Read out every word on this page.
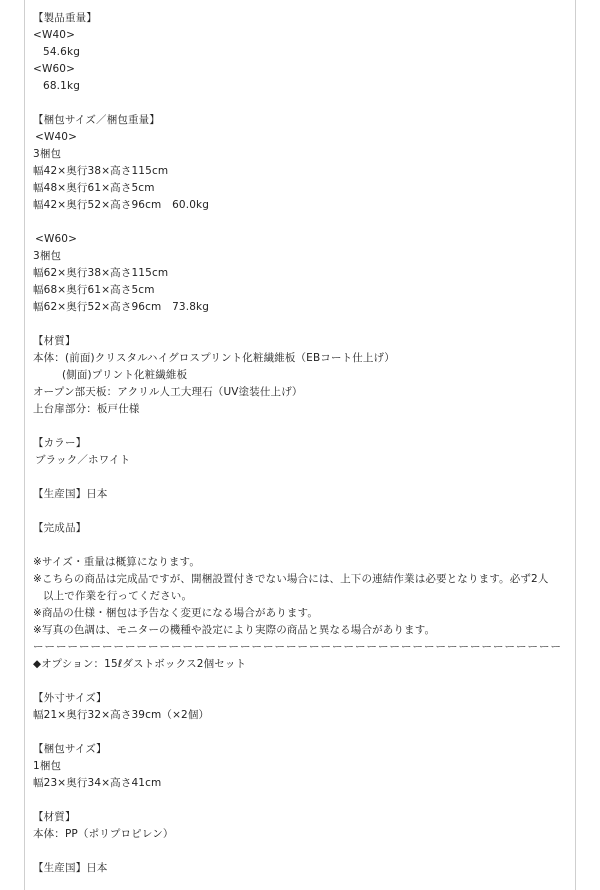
【製品重量】
<W40>
54.6kg
<W60>
68.1kg
【梱包サイズ／梱包重量】
<W40>
3梱包
幅42×奥行38×高さ115cm
幅48×奥行61×高さ5cm
幅42×奥行52×高さ96cm　60.0kg
<W60>
3梱包
幅62×奥行38×高さ115cm
幅68×奥行61×高さ5cm
幅62×奥行52×高さ96cm　73.8kg
【材質】
本体：(前面)クリスタルハイグロスプリント化粧繊維板（EBコート仕上げ）
(側面)プリント化粧繊維板
オープン部天板：アクリル人工大理石（UV塗装仕上げ）
上台扉部分：板戸仕様
【カラー】
ブラック／ホワイト
【生産国】日本
【完成品】
※サイズ・重量は概算になります。
※こちらの商品は完成品ですが、開梱設置付きでない場合には、上下の連結作業は必要となります。必ず2人
以上で作業を行ってください。
※商品の仕様・梱包は予告なく変更になる場合があります。
※写真の色調は、モニターの機種や設定により実際の商品と異なる場合があります。
ーーーーーーーーーーーーーーーーーーーーーーーーーーーーーーーーーーーーーーーーーーーーーー
◆オプション：15ℓダストボックス2個セット
【外寸サイズ】
幅21×奥行32×高さ39cm（×2個）
【梱包サイズ】
1梱包
幅23×奥行34×高さ41cm
【材質】
本体：PP（ポリプロピレン）
【生産国】日本
